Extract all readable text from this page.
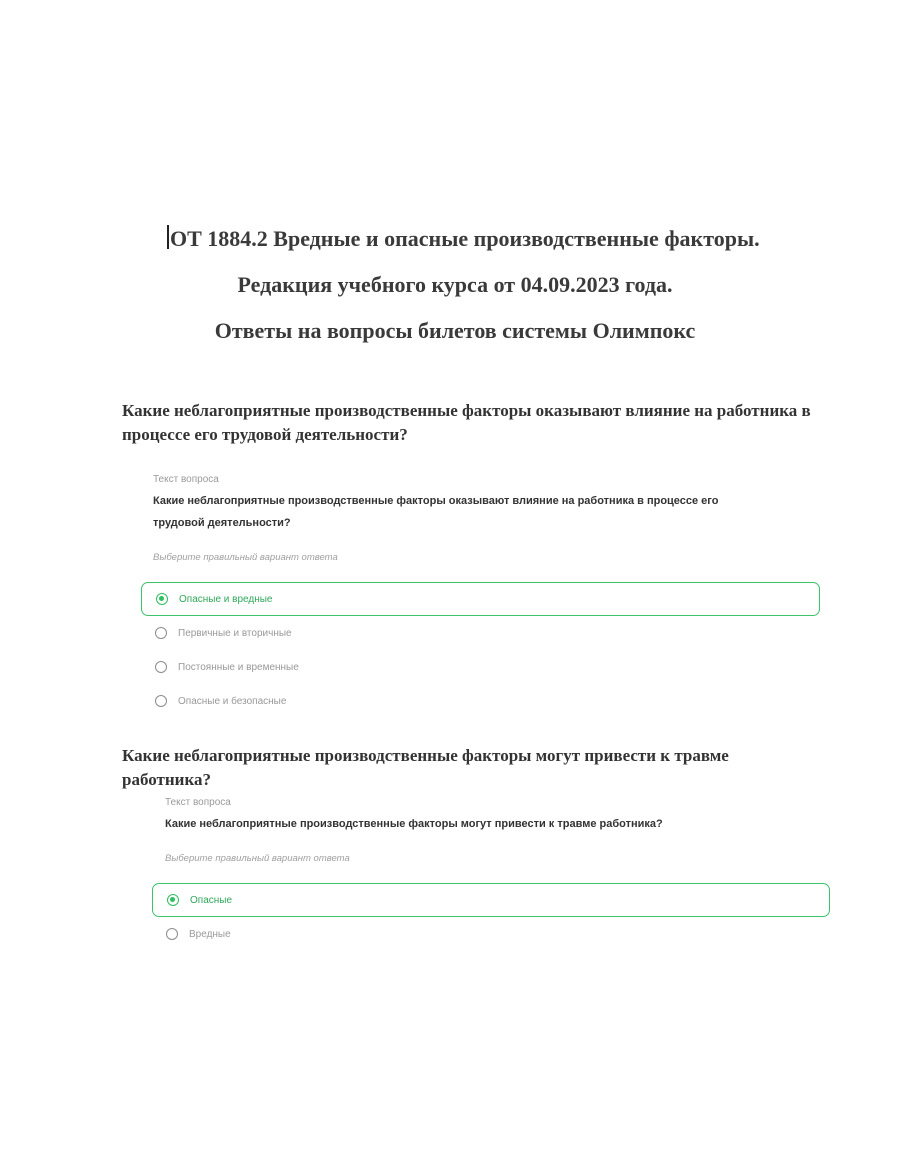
ОТ 1884.2 Вредные и опасные производственные факторы.
Редакция учебного курса от 04.09.2023 года.
Ответы на вопросы билетов системы Олимпокс
Какие неблагоприятные производственные факторы оказывают влияние на работника в процессе его трудовой деятельности?
Текст вопроса
Какие неблагоприятные производственные факторы оказывают влияние на работника в процессе его трудовой деятельности?
Выберите правильный вариант ответа
Опасные и вредные
Первичные и вторичные
Постоянные и временные
Опасные и безопасные
Какие неблагоприятные производственные факторы могут привести к травме работника?
Текст вопроса
Какие неблагоприятные производственные факторы могут привести к травме работника?
Выберите правильный вариант ответа
Опасные
Вредные
